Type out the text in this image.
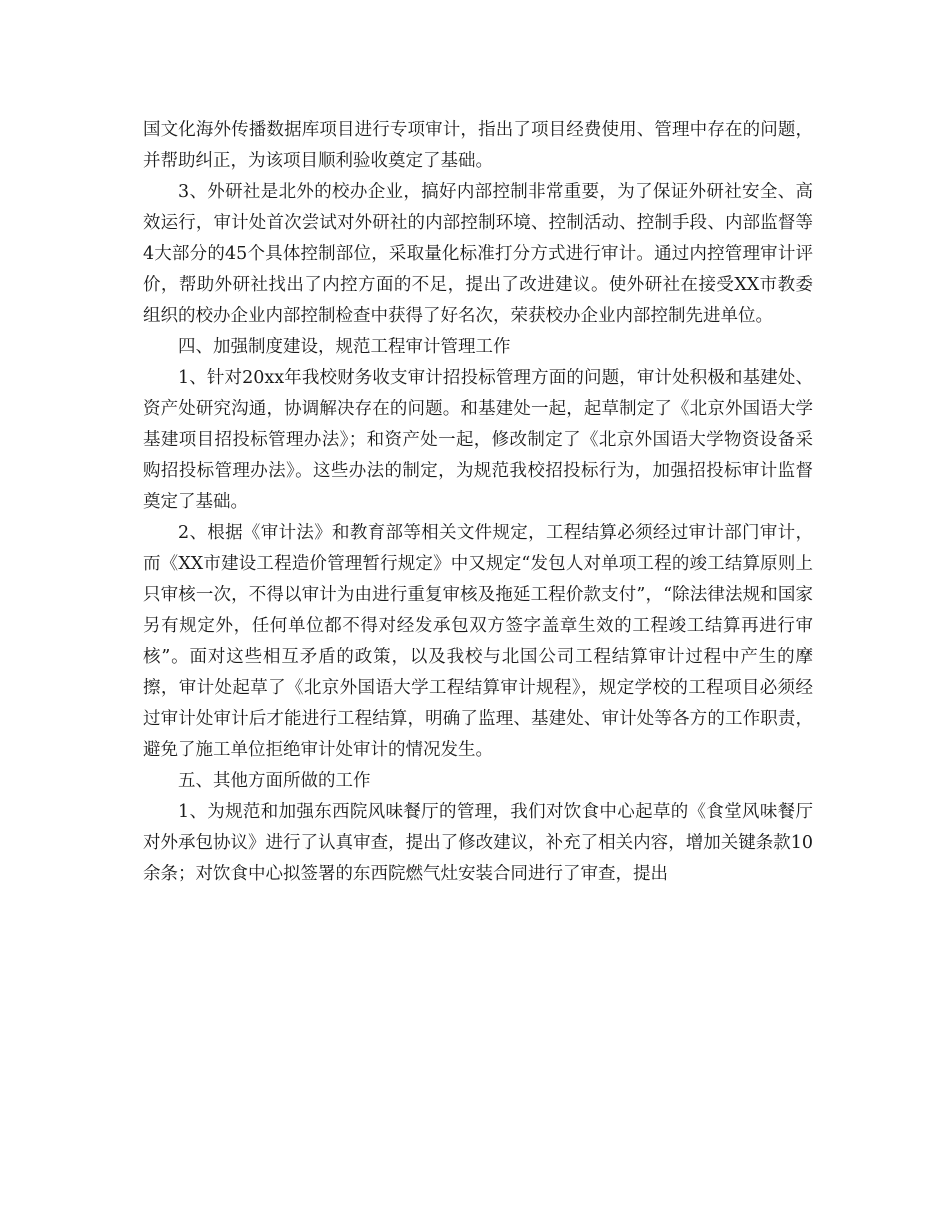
国文化海外传播数据库项目进行专项审计，指出了项目经费使用、管理中存在的问题，并帮助纠正，为该项目顺利验收奠定了基础。

3、外研社是北外的校办企业，搞好内部控制非常重要，为了保证外研社安全、高效运行，审计处首次尝试对外研社的内部控制环境、控制活动、控制手段、内部监督等4大部分的45个具体控制部位，采取量化标准打分方式进行审计。通过内控管理审计评价，帮助外研社找出了内控方面的不足，提出了改进建议。使外研社在接受XX市教委组织的校办企业内部控制检查中获得了好名次，荣获校办企业内部控制先进单位。

四、加强制度建设，规范工程审计管理工作

1、针对20xx年我校财务收支审计招投标管理方面的问题，审计处积极和基建处、资产处研究沟通，协调解决存在的问题。和基建处一起，起草制定了《北京外国语大学基建项目招投标管理办法》；和资产处一起，修改制定了《北京外国语大学物资设备采购招投标管理办法》。这些办法的制定，为规范我校招投标行为，加强招投标审计监督奠定了基础。

2、根据《审计法》和教育部等相关文件规定，工程结算必须经过审计部门审计，而《XX市建设工程造价管理暂行规定》中又规定“发包人对单项工程的竣工结算原则上只审核一次，不得以审计为由进行重复审核及拖延工程价款支付”，“除法律法规和国家另有规定外，任何单位都不得对经发承包双方签字盖章生效的工程竣工结算再进行审核”。面对这些相互矛盾的政策，以及我校与北国公司工程结算审计过程中产生的摩擦，审计处起草了《北京外国语大学工程结算审计规程》，规定学校的工程项目必须经过审计处审计后才能进行工程结算，明确了监理、基建处、审计处等各方的工作职责，避免了施工单位拒绝审计处审计的情况发生。

五、其他方面所做的工作

1、为规范和加强东西院风味餐厅的管理，我们对饮食中心起草的《食堂风味餐厅对外承包协议》进行了认真审查，提出了修改建议，补充了相关内容，增加关键条款10余条；对饮食中心拟签署的东西院燃气灶安装合同进行了审查，提出
